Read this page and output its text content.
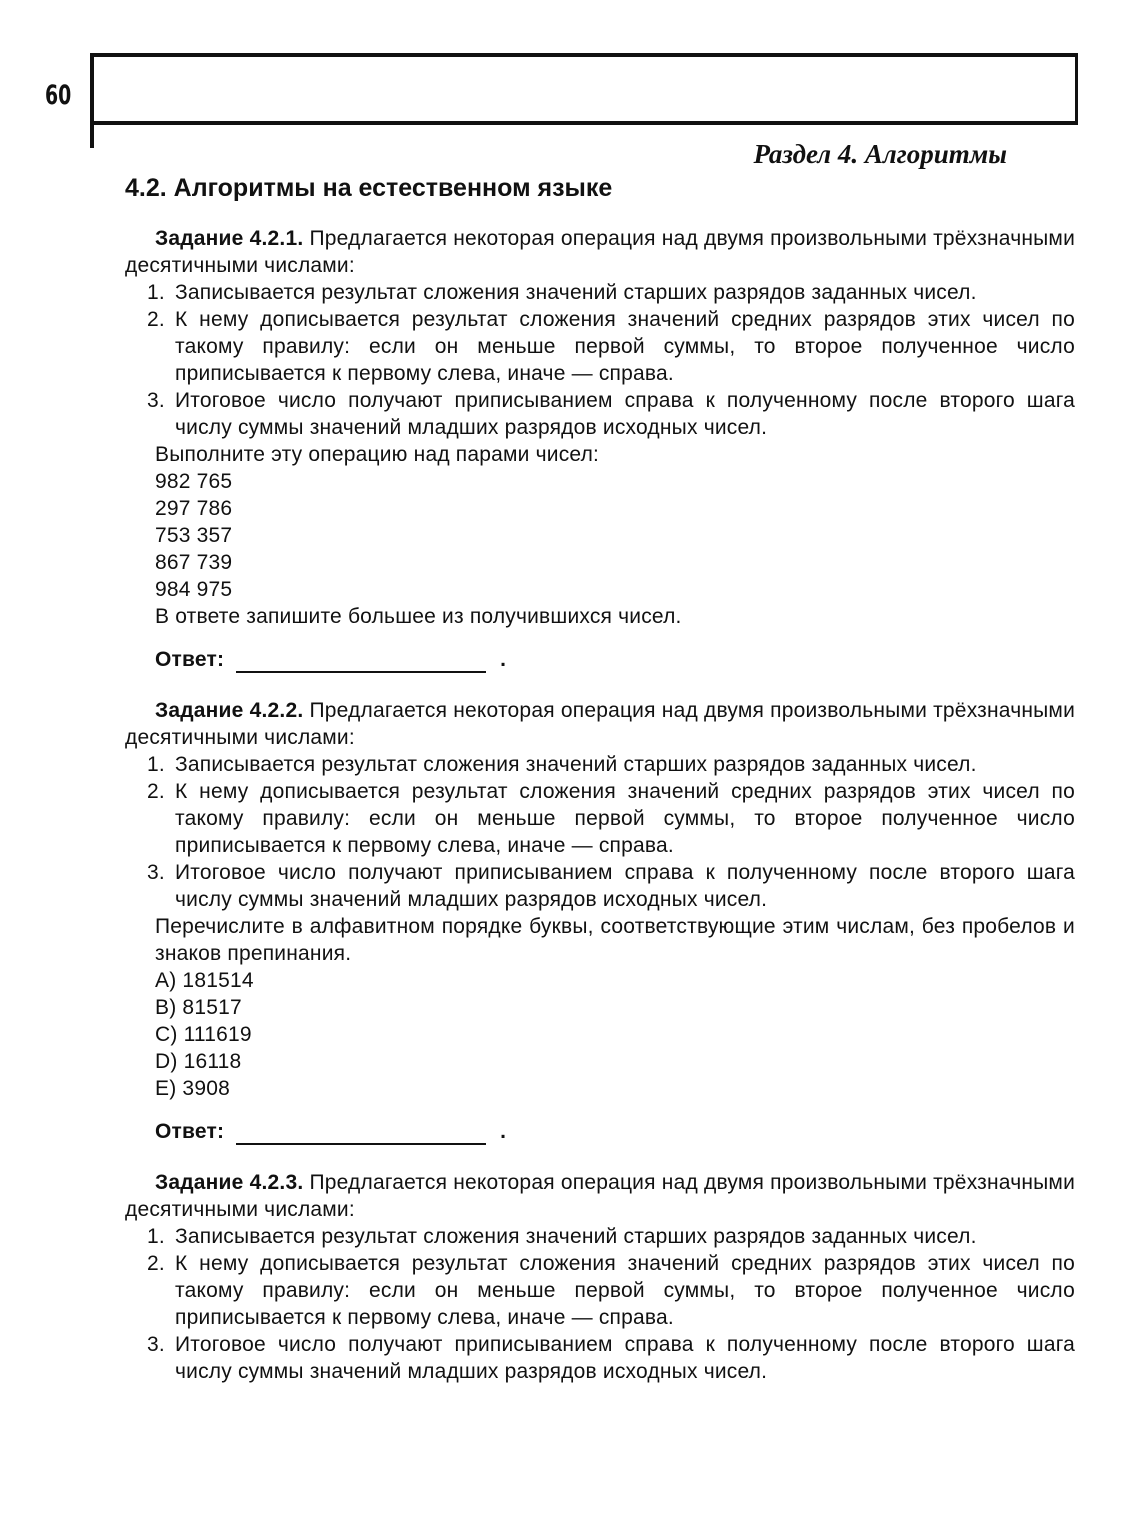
60
Раздел 4. Алгоритмы
4.2. Алгоритмы на естественном языке

Задание 4.2.1. Предлагается некоторая операция над двумя произвольными трёхзначными десятичными числами:

1. Записывается результат сложения значений старших разрядов заданных чисел.
2. К нему дописывается результат сложения значений средних разрядов этих чисел по такому правилу: если он меньше первой суммы, то второе полученное число приписывается к первому слева, иначе — справа.
3. Итоговое число получают приписыванием справа к полученному после второго шага числу суммы значений младших разрядов исходных чисел.

Выполните эту операцию над парами чисел:

982 765
297 786
753 357
867 739
984 975

В ответе запишите большее из получившихся чисел.

Ответ:	.

Задание 4.2.2. Предлагается некоторая операция над двумя произвольными трёхзначными десятичными числами:

1. Записывается результат сложения значений старших разрядов заданных чисел.
2. К нему дописывается результат сложения значений средних разрядов этих чисел по такому правилу: если он меньше первой суммы, то второе полученное число приписывается к первому слева, иначе — справа.
3. Итоговое число получают приписыванием справа к полученному после второго шага числу суммы значений младших разрядов исходных чисел.

Перечислите в алфавитном порядке буквы, соответствующие этим числам, без пробелов и знаков препинания.

A) 181514
B) 81517
C) 111619
D) 16118
E) 3908
Ответ:	.

Задание 4.2.3. Предлагается некоторая операция над двумя произвольными трёхзначными десятичными числами:

1. Записывается результат сложения значений старших разрядов заданных чисел.
2. К нему дописывается результат сложения значений средних разрядов этих чисел по такому правилу: если он меньше первой суммы, то второе полученное число приписывается к первому слева, иначе — справа.
3. Итоговое число получают приписыванием справа к полученному после второго шага числу суммы значений младших разрядов исходных чисел.
